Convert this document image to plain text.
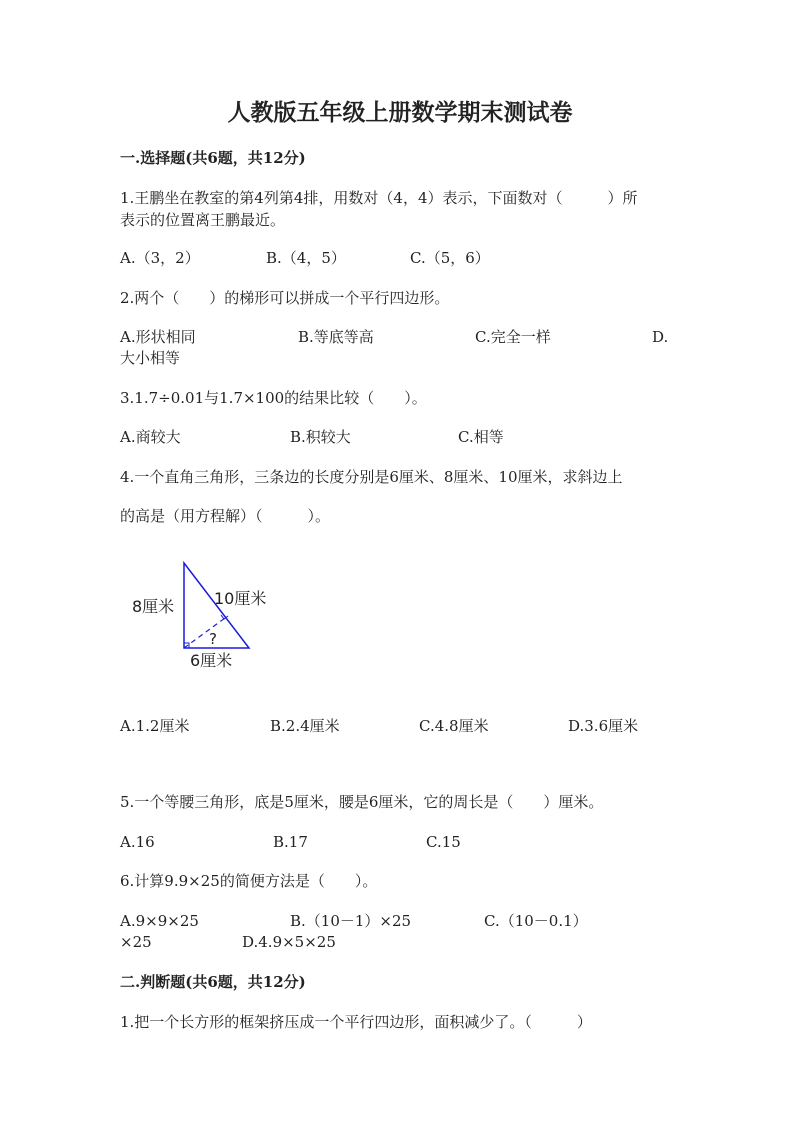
人教版五年级上册数学期末测试卷
一.选择题(共6题，共12分)
1.王鹏坐在教室的第4列第4排，用数对（4，4）表示，下面数对（　　　）所
表示的位置离王鹏最近。
A.（3，2）	B.（4，5）	C.（5，6）
2.两个（　　）的梯形可以拼成一个平行四边形。
A.形状相同	B.等底等高	C.完全一样	D.
大小相等
3.1.7÷0.01与1.7×100的结果比较（　　）。
A.商较大	B.积较大	C.相等
4.一个直角三角形，三条边的长度分别是6厘米、8厘米、10厘米，求斜边上
的高是（用方程解）（　　　）。
8厘米 10厘米
6厘米
?
A.1.2厘米	B.2.4厘米	C.4.8厘米	D.3.6厘米
5.一个等腰三角形，底是5厘米，腰是6厘米，它的周长是（　　）厘米。
A.16	B.17	C.15
6.计算9.9×25的简便方法是（　　）。
A.9×9×25	B.（10－1）×25	C.（10－0.1）
×25	D.4.9×5×25
二.判断题(共6题，共12分)
1.把一个长方形的框架挤压成一个平行四边形，面积减少了。（　　　）
